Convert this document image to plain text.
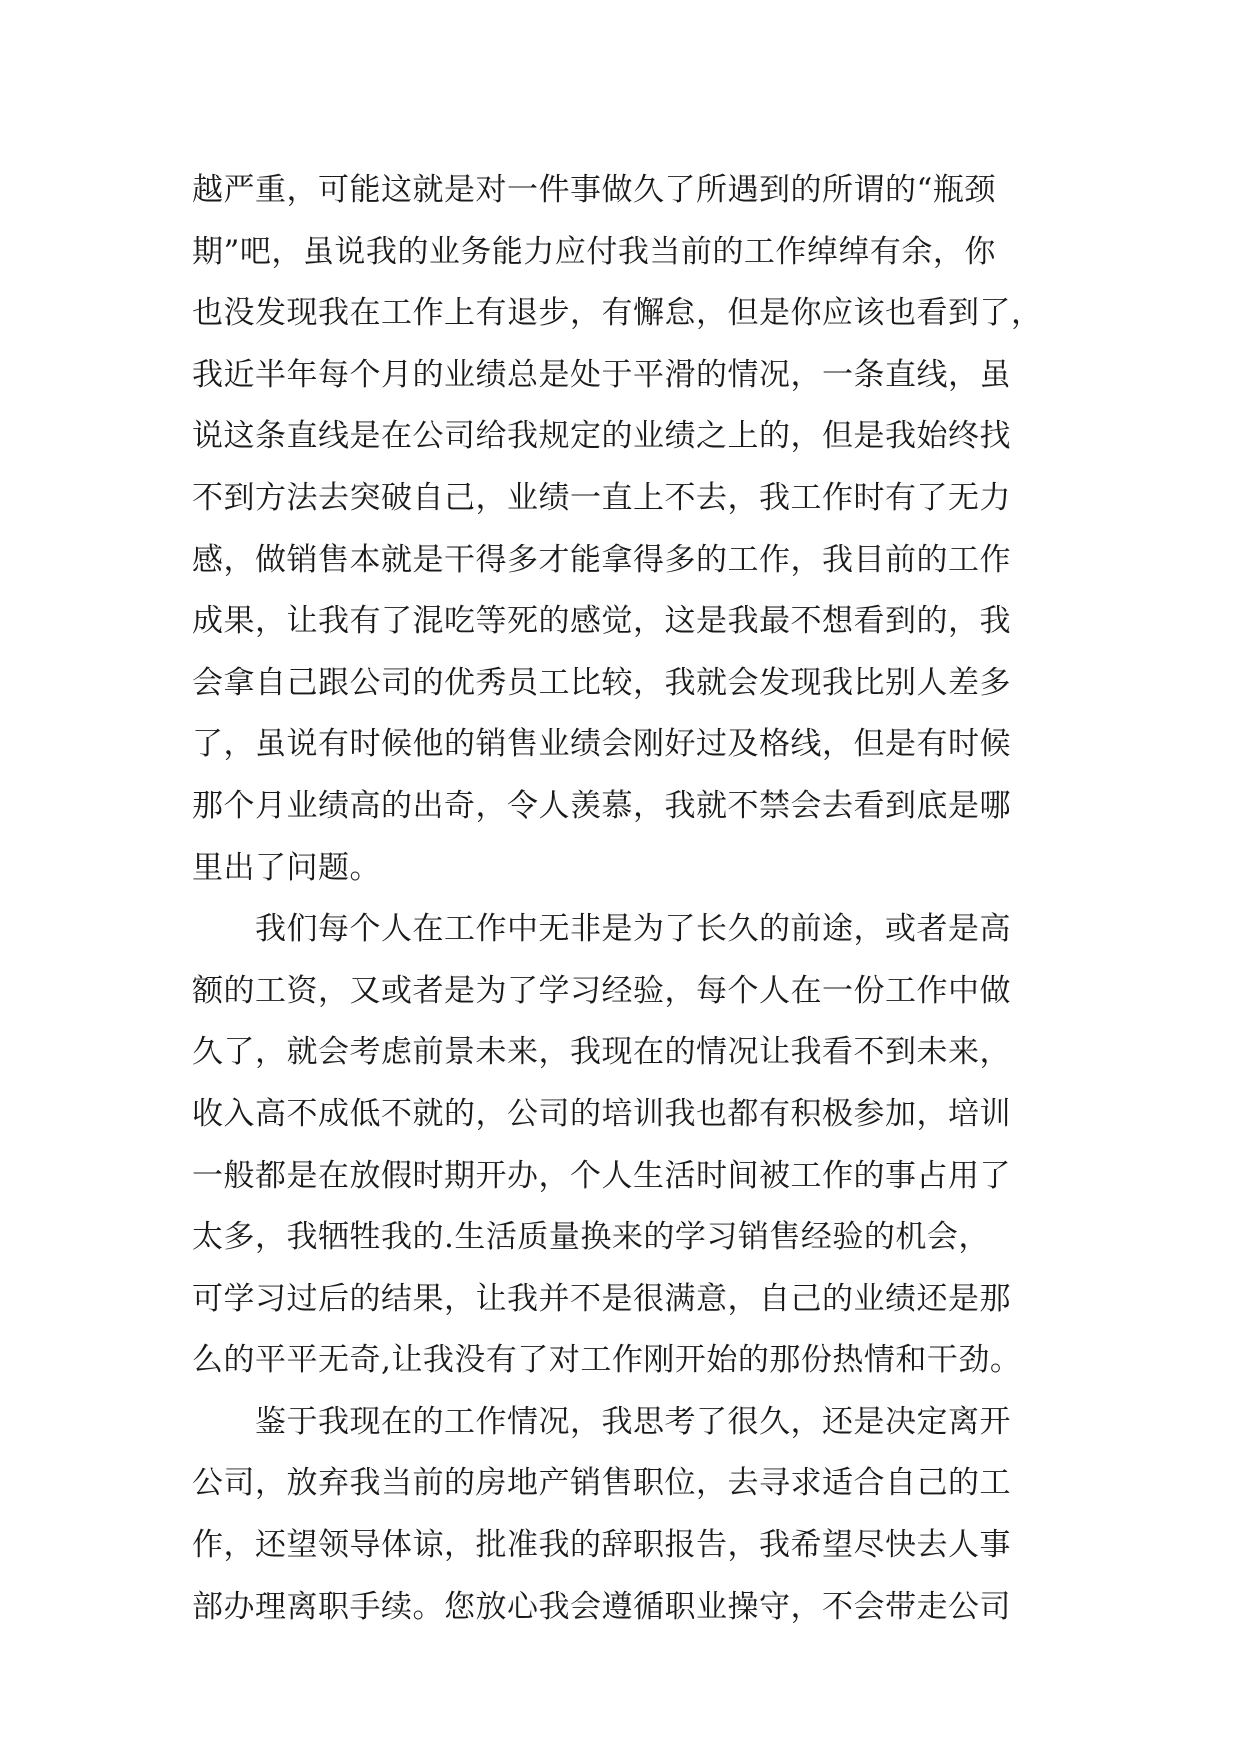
越严重，可能这就是对一件事做久了所遇到的所谓的“瓶颈
期”吧，虽说我的业务能力应付我当前的工作绰绰有余，你
也没发现我在工作上有退步，有懈怠，但是你应该也看到了，
我近半年每个月的业绩总是处于平滑的情况，一条直线，虽
说这条直线是在公司给我规定的业绩之上的，但是我始终找
不到方法去突破自己，业绩一直上不去，我工作时有了无力
感，做销售本就是干得多才能拿得多的工作，我目前的工作
成果，让我有了混吃等死的感觉，这是我最不想看到的，我
会拿自己跟公司的优秀员工比较，我就会发现我比别人差多
了，虽说有时候他的销售业绩会刚好过及格线，但是有时候
那个月业绩高的出奇，令人羡慕，我就不禁会去看到底是哪
里出了问题。
　　我们每个人在工作中无非是为了长久的前途，或者是高
额的工资，又或者是为了学习经验，每个人在一份工作中做
久了，就会考虑前景未来，我现在的情况让我看不到未来，
收入高不成低不就的，公司的培训我也都有积极参加，培训
一般都是在放假时期开办，个人生活时间被工作的事占用了
太多，我牺牲我的.生活质量换来的学习销售经验的机会，
可学习过后的结果，让我并不是很满意，自己的业绩还是那
么的平平无奇,让我没有了对工作刚开始的那份热情和干劲。
　　鉴于我现在的工作情况，我思考了很久，还是决定离开
公司，放弃我当前的房地产销售职位，去寻求适合自己的工
作，还望领导体谅，批准我的辞职报告，我希望尽快去人事
部办理离职手续。您放心我会遵循职业操守，不会带走公司
